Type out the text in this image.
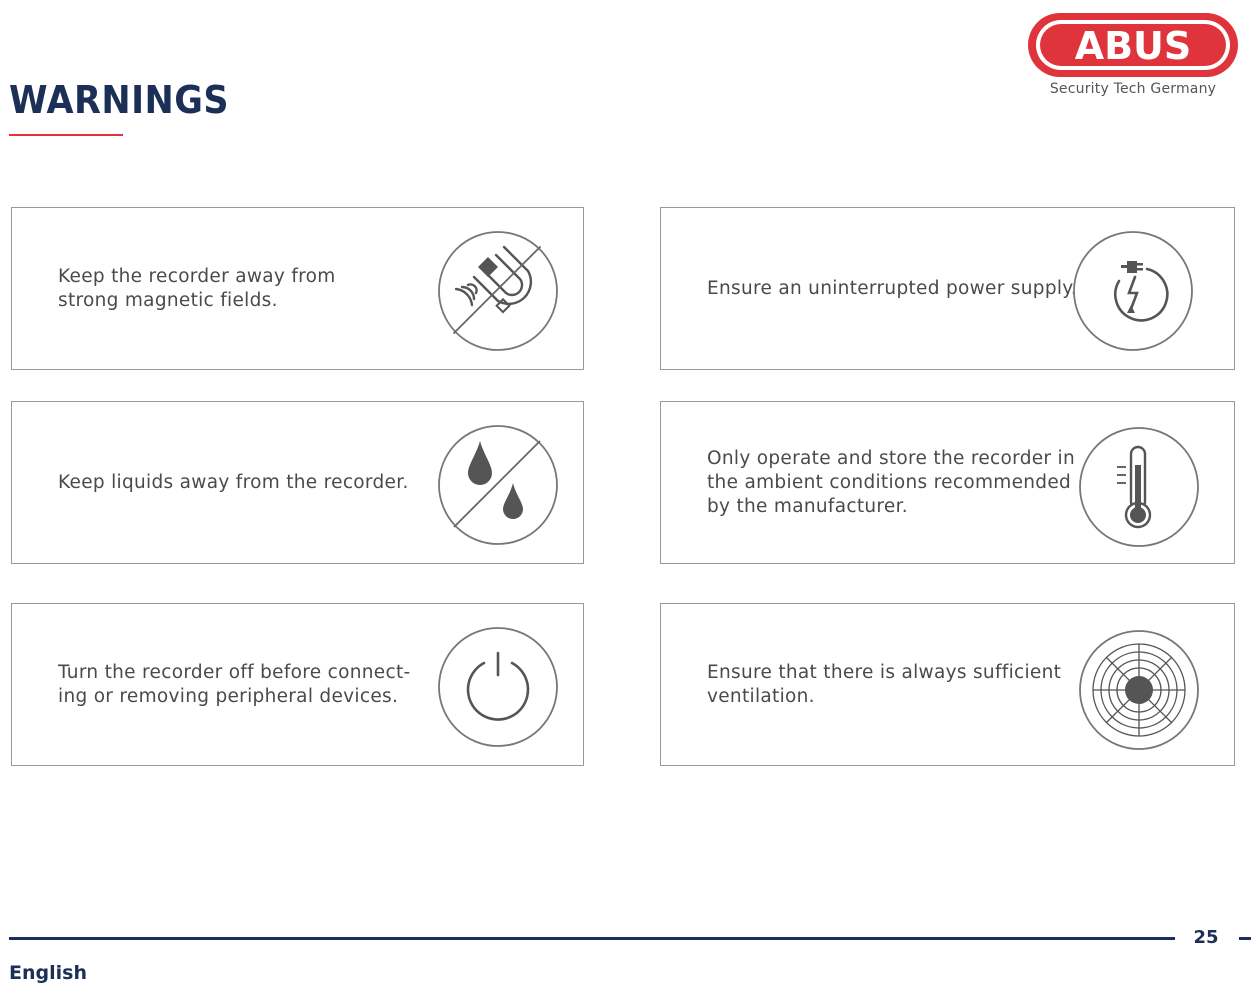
WARNINGS
ABUS
Security Tech Germany
Keep the recorder away from
strong magnetic fields.
Ensure an uninterrupted power supply.
Keep liquids away from the recorder.
Only operate and store the recorder in
the ambient conditions recommended
by the manufacturer.
Turn the recorder off before connect-
ing or removing peripheral devices.
Ensure that there is always sufficient
ventilation.
25
English
